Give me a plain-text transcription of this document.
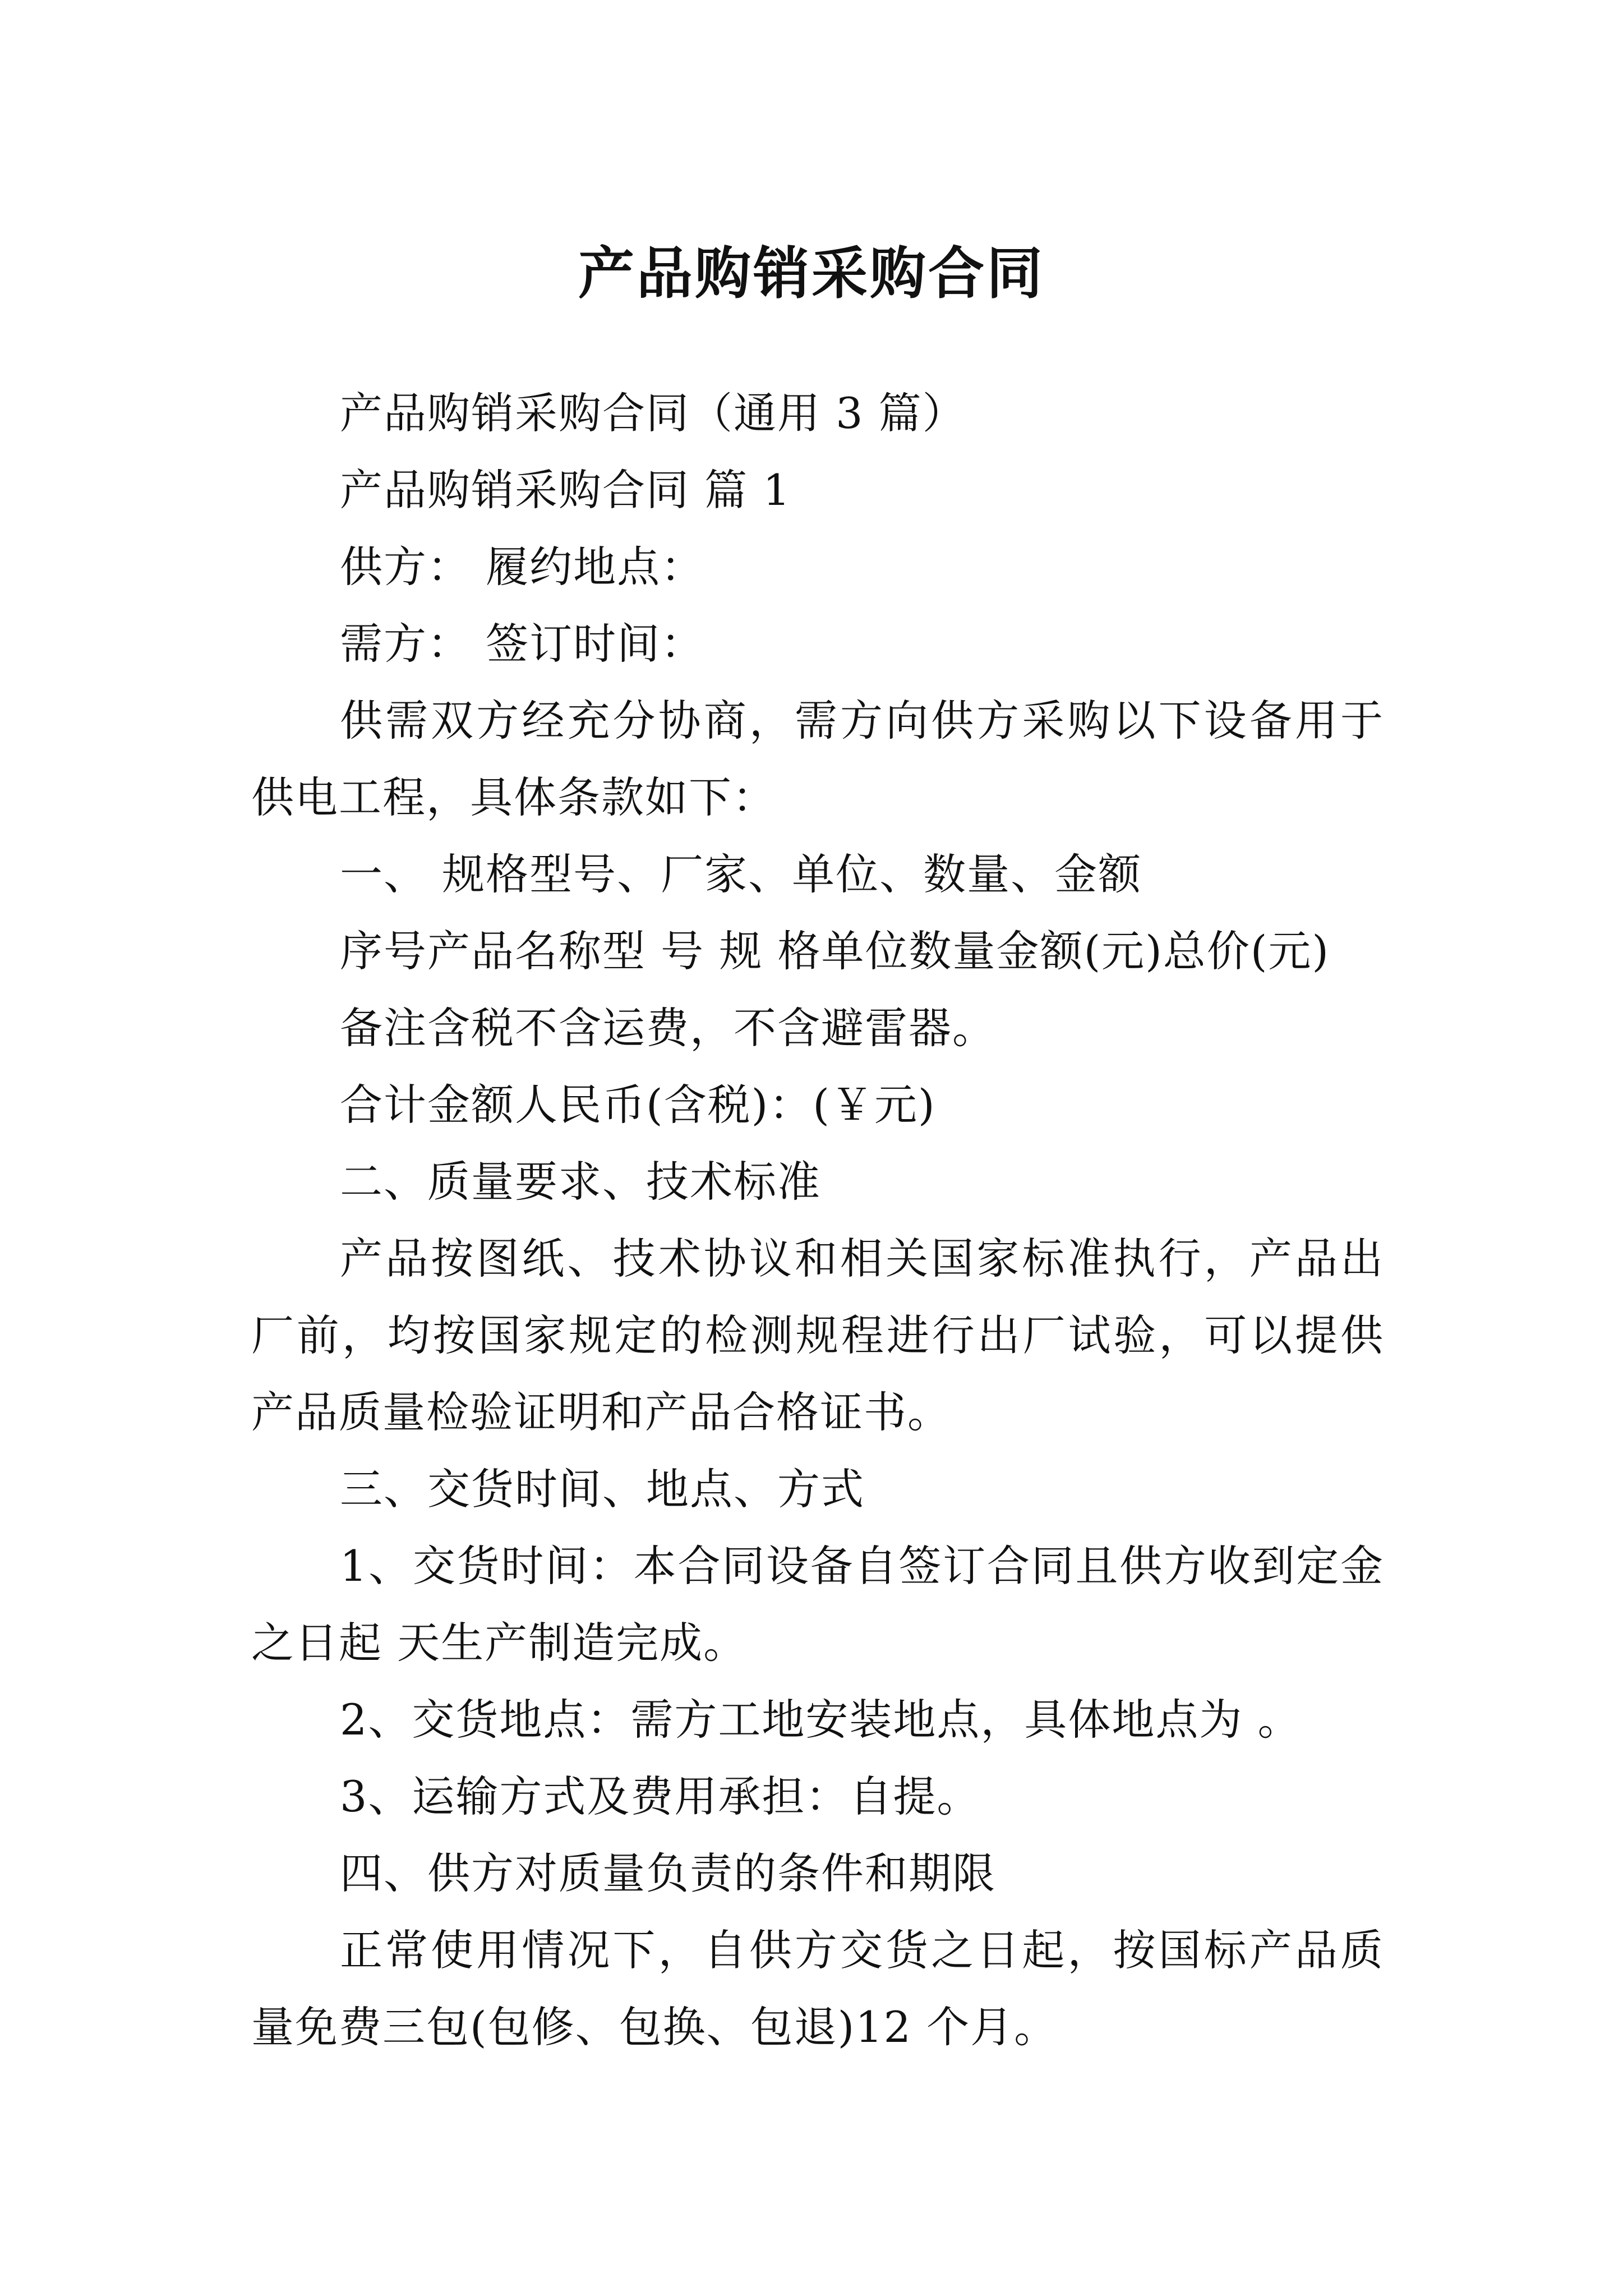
产品购销采购合同

产品购销采购合同（通用 3 篇）

产品购销采购合同 篇 1

供方： 履约地点：

需方： 签订时间：

供需双方经充分协商，需方向供方采购以下设备用于供电工程，具体条款如下：

一、 规格型号、厂家、单位、数量、金额

序号产品名称型 号 规 格单位数量金额(元)总价(元)

备注含税不含运费，不含避雷器。

合计金额人民币(含税)：(￥元)

二、质量要求、技术标准

产品按图纸、技术协议和相关国家标准执行，产品出厂前，均按国家规定的检测规程进行出厂试验，可以提供产品质量检验证明和产品合格证书。

三、交货时间、地点、方式

1、交货时间：本合同设备自签订合同且供方收到定金之日起 天生产制造完成。

2、交货地点：需方工地安装地点，具体地点为 。

3、运输方式及费用承担：自提。

四、供方对质量负责的条件和期限

正常使用情况下，自供方交货之日起，按国标产品质量免费三包(包修、包换、包退)12 个月。
